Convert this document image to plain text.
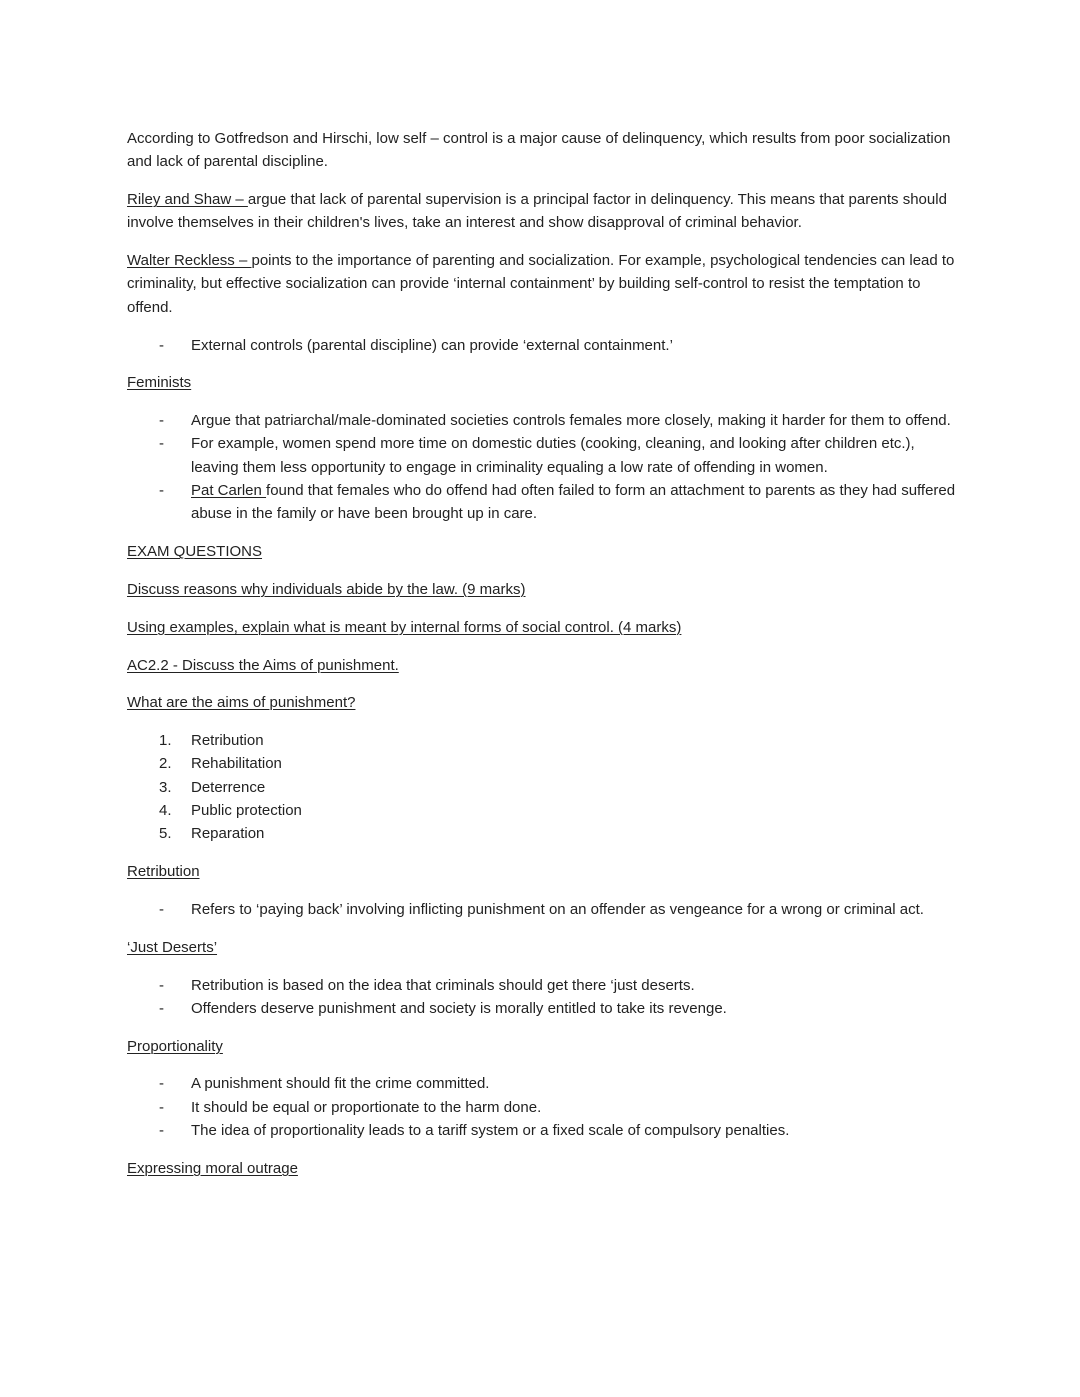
According to Gotfredson and Hirschi, low self – control is a major cause of delinquency, which results from poor socialization and lack of parental discipline.

Riley and Shaw – argue that lack of parental supervision is a principal factor in delinquency. This means that parents should involve themselves in their children's lives, take an interest and show disapproval of criminal behavior.

Walter Reckless – points to the importance of parenting and socialization. For example, psychological tendencies can lead to criminality, but effective socialization can provide ‘internal containment’ by building self-control to resist the temptation to offend.

- External controls (parental discipline) can provide ‘external containment.’
Feminists
- Argue that patriarchal/male-dominated societies controls females more closely, making it harder for them to offend.
- For example, women spend more time on domestic duties (cooking, cleaning, and looking after children etc.), leaving them less opportunity to engage in criminality equaling a low rate of offending in women.
- Pat Carlen found that females who do offend had often failed to form an attachment to parents as they had suffered abuse in the family or have been brought up in care.
EXAM QUESTIONS
Discuss reasons why individuals abide by the law. (9 marks)
Using examples, explain what is meant by internal forms of social control. (4 marks)
AC2.2 - Discuss the Aims of punishment.
What are the aims of punishment?
1. Retribution
2. Rehabilitation
3. Deterrence
4. Public protection
5. Reparation
Retribution
- Refers to ‘paying back’ involving inflicting punishment on an offender as vengeance for a wrong or criminal act.
‘Just Deserts’
- Retribution is based on the idea that criminals should get there ‘just deserts.
- Offenders deserve punishment and society is morally entitled to take its revenge.
Proportionality
- A punishment should fit the crime committed.
- It should be equal or proportionate to the harm done.
- The idea of proportionality leads to a tariff system or a fixed scale of compulsory penalties.
Expressing moral outrage
